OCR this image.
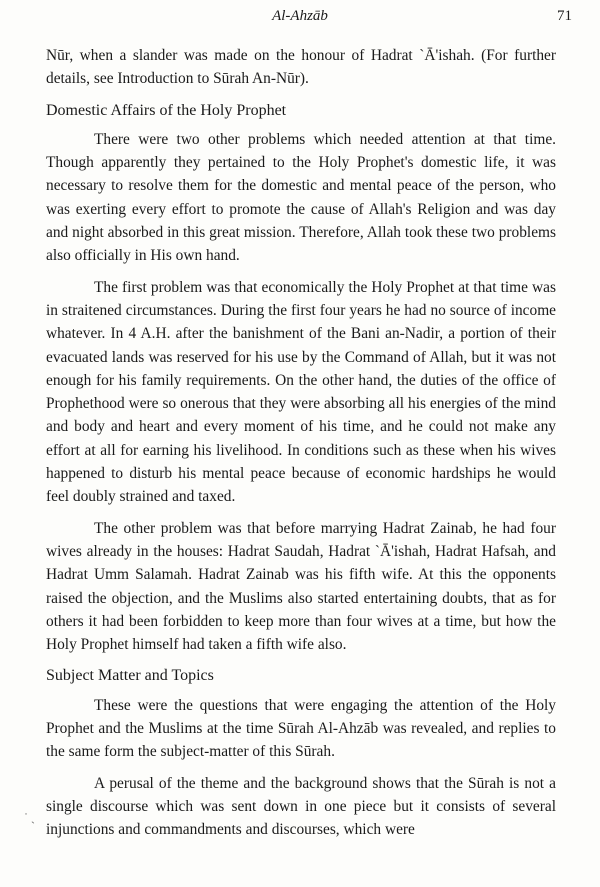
Al-Ahzāb	71

Nūr, when a slander was made on the honour of Hadrat `Ā'ishah. (For further details, see Introduction to Sūrah An-Nūr).

Domestic Affairs of the Holy Prophet

There were two other problems which needed attention at that time. Though apparently they pertained to the Holy Prophet's domestic life, it was necessary to resolve them for the domestic and mental peace of the person, who was exerting every effort to promote the cause of Allah's Religion and was day and night absorbed in this great mission. Therefore, Allah took these two problems also officially in His own hand.

The first problem was that economically the Holy Prophet at that time was in straitened circumstances. During the first four years he had no source of income whatever. In 4 A.H. after the banishment of the Bani an-Nadir, a portion of their evacuated lands was reserved for his use by the Command of Allah, but it was not enough for his family requirements. On the other hand, the duties of the office of Prophethood were so onerous that they were absorbing all his energies of the mind and body and heart and every moment of his time, and he could not make any effort at all for earning his livelihood. In conditions such as these when his wives happened to disturb his mental peace because of economic hardships he would feel doubly strained and taxed.

The other problem was that before marrying Hadrat Zainab, he had four wives already in the houses: Hadrat Saudah, Hadrat `Ā'ishah, Hadrat Hafsah, and Hadrat Umm Salamah. Hadrat Zainab was his fifth wife. At this the opponents raised the objection, and the Muslims also started entertaining doubts, that as for others it had been forbidden to keep more than four wives at a time, but how the Holy Prophet himself had taken a fifth wife also.

Subject Matter and Topics

These were the questions that were engaging the attention of the Holy Prophet and the Muslims at the time Sūrah Al-Ahzāb was revealed, and replies to the same form the subject-matter of this Sūrah.

A perusal of the theme and the background shows that the Sūrah is not a single discourse which was sent down in one piece but it consists of several injunctions and commandments and discourses, which were

˙ ˏ
